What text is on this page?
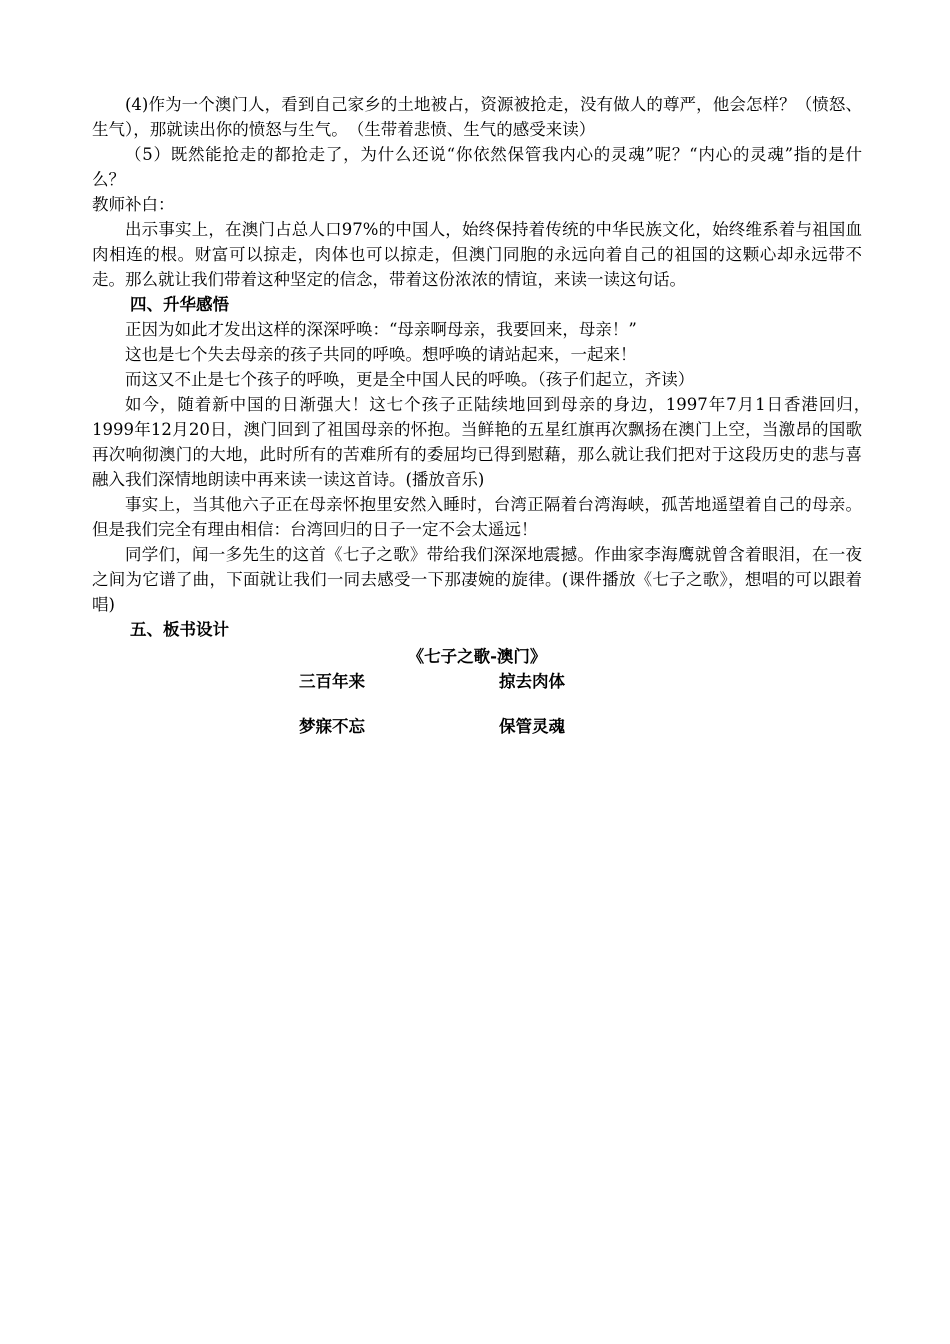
(4)作为一个澳门人，看到自己家乡的土地被占，资源被抢走，没有做人的尊严，他会怎样？（愤怒、生气），那就读出你的愤怒与生气。　（生带着悲愤、生气的感受来读）

（5）既然能抢走的都抢走了，为什么还说“你依然保管我内心的灵魂”呢？“内心的灵魂”指的是什么？

教师补白：

出示事实上，在澳门占总人口97%的中国人，始终保持着传统的中华民族文化，始终维系着与祖国血肉相连的根。财富可以掠走，肉体也可以掠走，但澳门同胞的永远向着自己的祖国的这颗心却永远带不走。那么就让我们带着这种坚定的信念，带着这份浓浓的情谊，来读一读这句话。

四、升华感悟

正因为如此才发出这样的深深呼唤：“母亲啊母亲，我要回来，母亲！”

这也是七个失去母亲的孩子共同的呼唤。想呼唤的请站起来，一起来！

而这又不止是七个孩子的呼唤，更是全中国人民的呼唤。（孩子们起立，齐读）

如今，随着新中国的日渐强大！这七个孩子正陆续地回到母亲的身边，1997年7月1日香港回归，　1999年12月20日，澳门回到了祖国母亲的怀抱。当鲜艳的五星红旗再次飘扬在澳门上空，当激昂的国歌再次响彻澳门的大地，此时所有的苦难所有的委屈均已得到慰藉，那么就让我们把对于这段历史的悲与喜融入我们深情地朗读中再来读一读这首诗。(播放音乐)

事实上，当其他六子正在母亲怀抱里安然入睡时，台湾正隔着台湾海峡，孤苦地遥望着自己的母亲。但是我们完全有理由相信：台湾回归的日子一定不会太遥远！

同学们，闻一多先生的这首《七子之歌》带给我们深深地震撼。作曲家李海鹰就曾含着眼泪，在一夜之间为它谱了曲，下面就让我们一同去感受一下那凄婉的旋律。(课件播放《七子之歌》，想唱的可以跟着唱)

五、板书设计

《七子之歌-澳门》

三百年来	掠去肉体
梦寐不忘	保管灵魂
